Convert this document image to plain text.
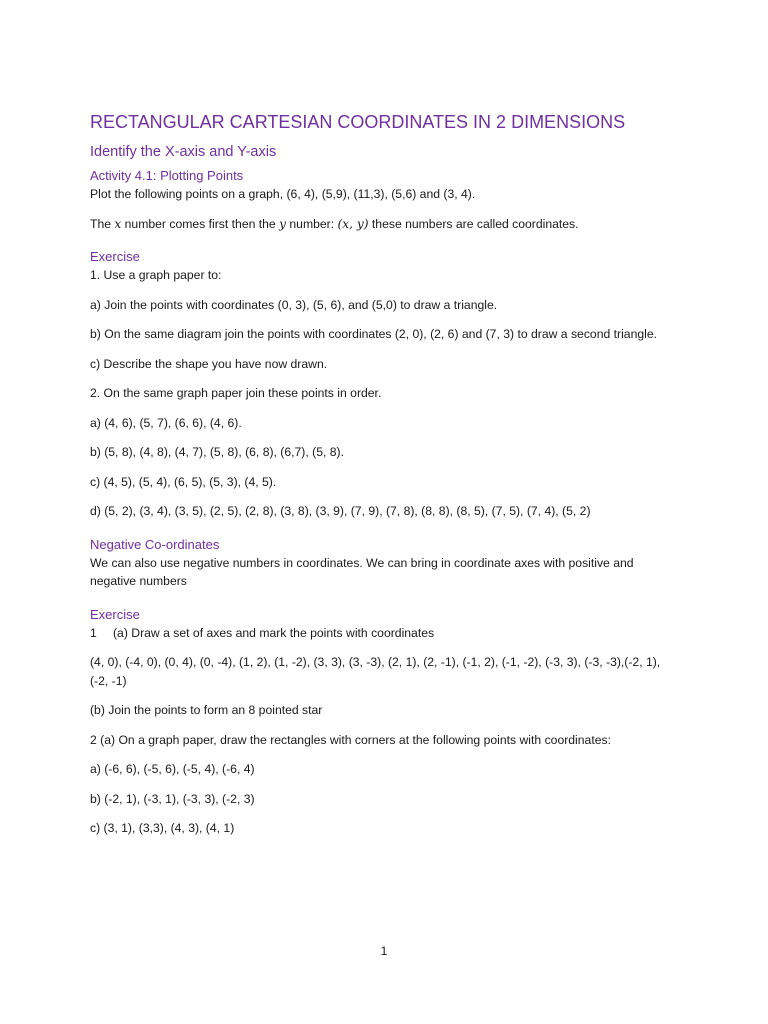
RECTANGULAR CARTESIAN COORDINATES IN 2 DIMENSIONS
Identify the X-axis and Y-axis
Activity 4.1: Plotting Points

Plot the following points on a graph, (6, 4), (5,9), (11,3), (5,6) and (3, 4).

The x number comes first then the y number: (x, y) these numbers are called coordinates.

Exercise

1. Use a graph paper to:

a) Join the points with coordinates (0, 3), (5, 6), and (5,0) to draw a triangle.

b) On the same diagram join the points with coordinates (2, 0), (2, 6) and (7, 3) to draw a second triangle.

c) Describe the shape you have now drawn.

2. On the same graph paper join these points in order.

a) (4, 6), (5, 7), (6, 6), (4, 6).

b) (5, 8), (4, 8), (4, 7), (5, 8), (6, 8), (6,7), (5, 8).

c) (4, 5), (5, 4), (6, 5), (5, 3), (4, 5).

d) (5, 2), (3, 4), (3, 5), (2, 5), (2, 8), (3, 8), (3, 9), (7, 9), (7, 8), (8, 8), (8, 5), (7, 5), (7, 4), (5, 2)

Negative Co-ordinates

We can also use negative numbers in coordinates. We can bring in coordinate axes with positive and negative numbers

Exercise

1 (a) Draw a set of axes and mark the points with coordinates

(4, 0), (-4, 0), (0, 4), (0, -4), (1, 2), (1, -2), (3, 3), (3, -3), (2, 1), (2, -1), (-1, 2), (-1, -2), (-3, 3), (-3, -3),(-2, 1), (-2, -1)

(b) Join the points to form an 8 pointed star

2 (a) On a graph paper, draw the rectangles with corners at the following points with coordinates:

a) (-6, 6), (-5, 6), (-5, 4), (-6, 4)

b) (-2, 1), (-3, 1), (-3, 3), (-2, 3)

c) (3, 1), (3,3), (4, 3), (4, 1)

1
